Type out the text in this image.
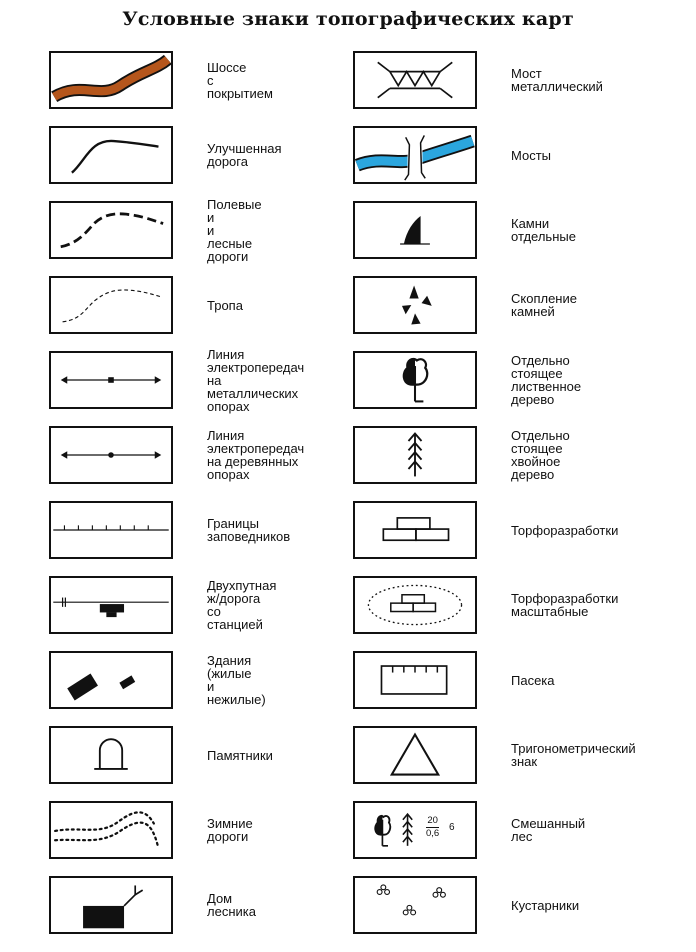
Условные знаки топографических карт
Шоссе
с покрытием
Улучшенная
дорога
Полевые и
и лесные
дороги
Тропа
Линия
электропередач
на металлических
опорах
Линия
электропередач
на деревянных
опорах
Границы
заповедников
Двухпутная
ж/дорога
со станцией
Здания
(жилые
и нежилые)
Памятники
Зимние дороги
Дом лесника
Мост металлический
Мосты
Камни отдельные
Скопление камней
Отдельно стоящее
лиственное дерево
Отдельно стоящее
хвойное дерево
Торфоразработки
Торфоразработки
масштабные
Пасека
Тригонометрический
знак
$\frac{20}{0,6} 6$	Смешанный лес
Кустарники
